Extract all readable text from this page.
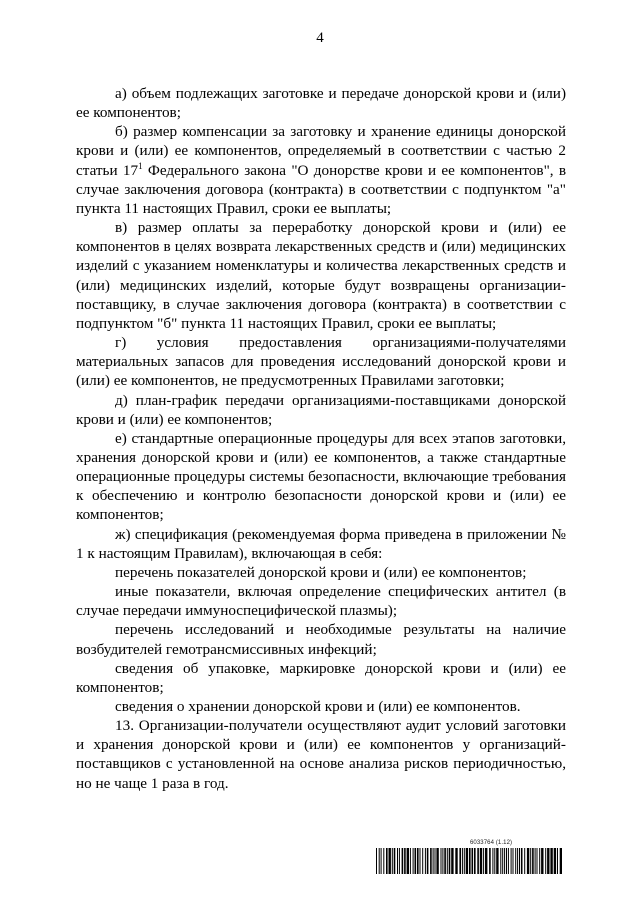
4

а) объем подлежащих заготовке и передаче донорской крови и (или) ее компонентов;

б) размер компенсации за заготовку и хранение единицы донорской крови и (или) ее компонентов, определяемый в соответствии с частью 2 статьи $17^1$ Федерального закона "О донорстве крови и ее компонентов", в случае заключения договора (контракта) в соответствии с подпунктом "а" пункта 11 настоящих Правил, сроки ее выплаты;

в) размер оплаты за переработку донорской крови и (или) ее компонентов в целях возврата лекарственных средств и (или) медицинских изделий с указанием номенклатуры и количества лекарственных средств и (или) медицинских изделий, которые будут возвращены организации-поставщику, в случае заключения договора (контракта) в соответствии с подпунктом "б" пункта 11 настоящих Правил, сроки ее выплаты;

г) условия предоставления организациями-получателями материальных запасов для проведения исследований донорской крови и (или) ее компонентов, не предусмотренных Правилами заготовки;

д) план-график передачи организациями-поставщиками донорской крови и (или) ее компонентов;

е) стандартные операционные процедуры для всех этапов заготовки, хранения донорской крови и (или) ее компонентов, а также стандартные операционные процедуры системы безопасности, включающие требования к обеспечению и контролю безопасности донорской крови и (или) ее компонентов;

ж) спецификация (рекомендуемая форма приведена в приложении № 1 к настоящим Правилам), включающая в себя:

перечень показателей донорской крови и (или) ее компонентов;

иные показатели, включая определение специфических антител (в случае передачи иммуноспецифической плазмы);

перечень исследований и необходимые результаты на наличие возбудителей гемотрансмиссивных инфекций;

сведения об упаковке, маркировке донорской крови и (или) ее компонентов;

сведения о хранении донорской крови и (или) ее компонентов.

13. Организации-получатели осуществляют аудит условий заготовки и хранения донорской крови и (или) ее компонентов у организаций-поставщиков с установленной на основе анализа рисков периодичностью, но не чаще 1 раза в год.

6033764 (1.12)
